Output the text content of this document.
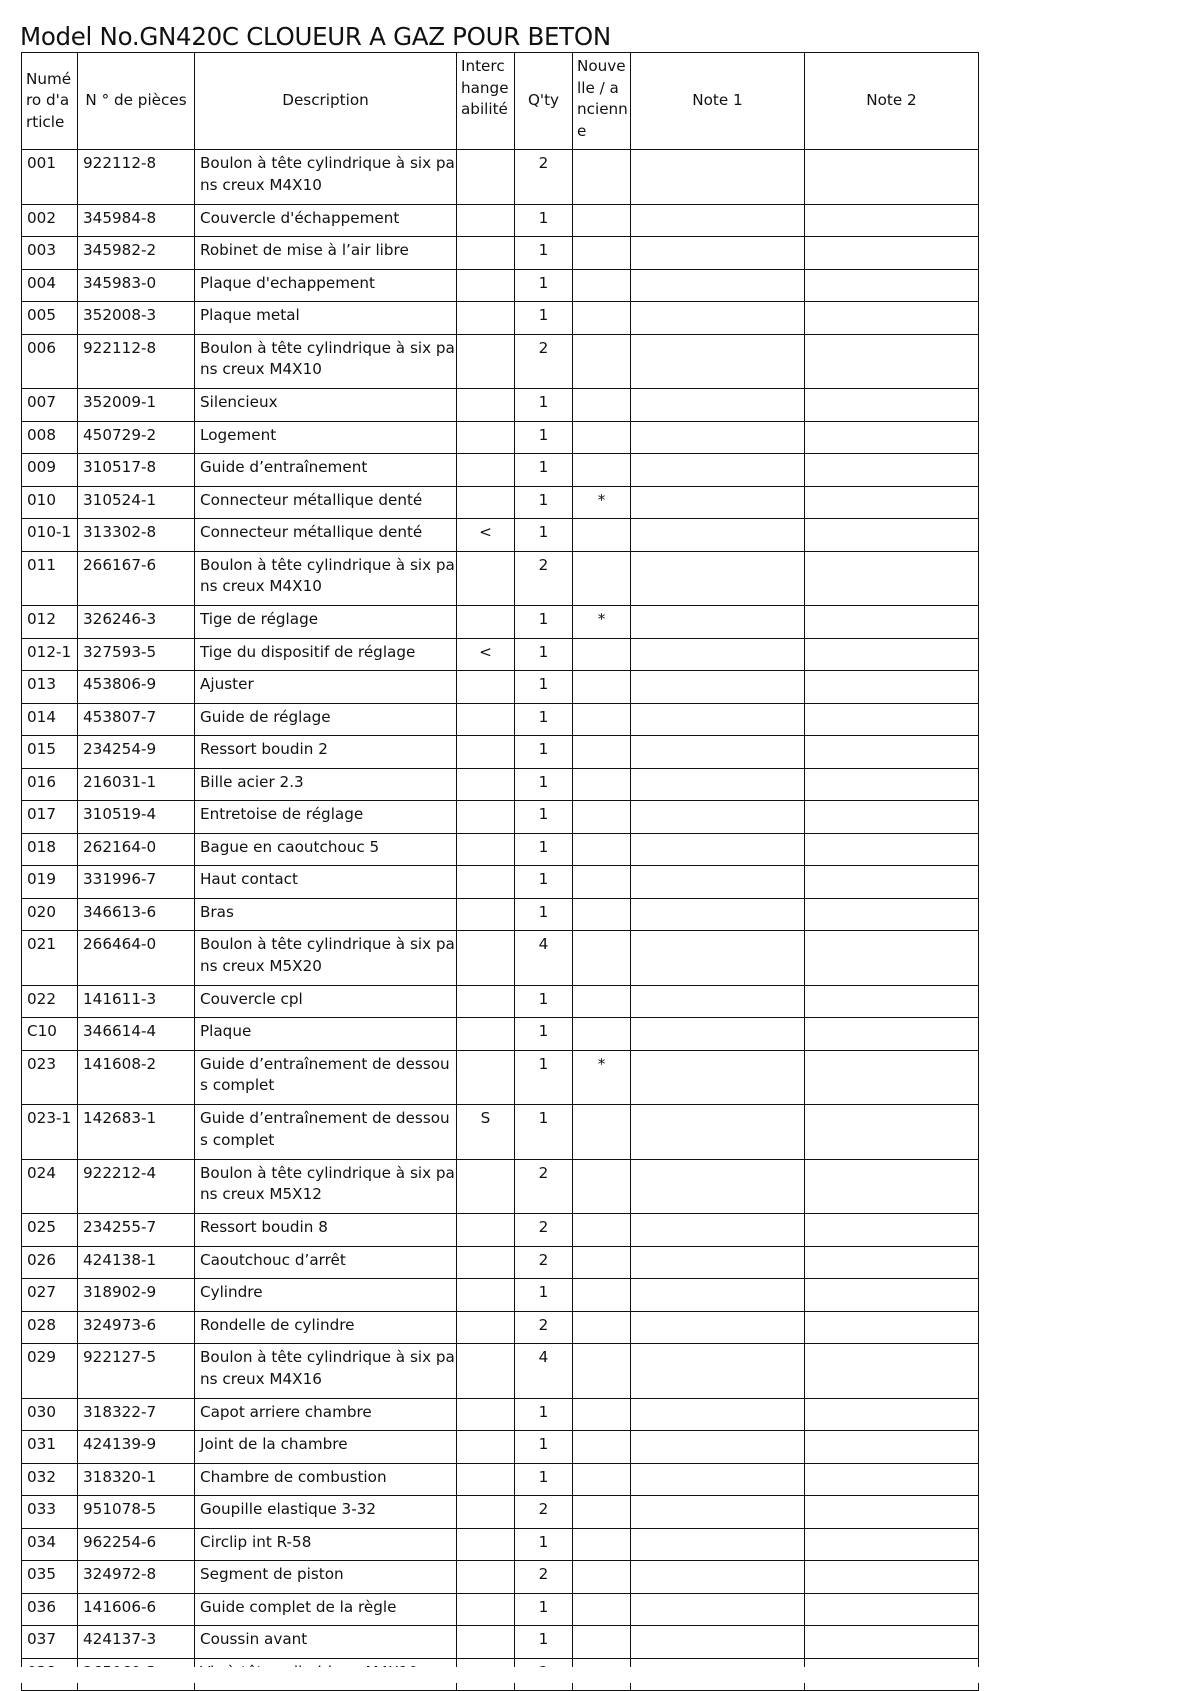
Model No.GN420C CLOUEUR A GAZ POUR BETON
Numéro d'article	N ° de pièces	Description	Interchangeabilité	Q'ty	Nouvelle / ancienne	Note 1	Note 2
001	922112-8	Boulon à tête cylindrique à six pans creux M4X10		2			
002	345984-8	Couvercle d'échappement		1			
003	345982-2	Robinet de mise à l’air libre		1			
004	345983-0	Plaque d'echappement		1			
005	352008-3	Plaque metal		1			
006	922112-8	Boulon à tête cylindrique à six pans creux M4X10		2			
007	352009-1	Silencieux		1			
008	450729-2	Logement		1			
009	310517-8	Guide d’entraînement		1			
010	310524-1	Connecteur métallique denté		1	*		
010-1	313302-8	Connecteur métallique denté	<	1			
011	266167-6	Boulon à tête cylindrique à six pans creux M4X10		2			
012	326246-3	Tige de réglage		1	*		
012-1	327593-5	Tige du dispositif de réglage	<	1			
013	453806-9	Ajuster		1			
014	453807-7	Guide de réglage		1			
015	234254-9	Ressort boudin 2		1			
016	216031-1	Bille acier 2.3		1			
017	310519-4	Entretoise de réglage		1			
018	262164-0	Bague en caoutchouc 5		1			
019	331996-7	Haut contact		1			
020	346613-6	Bras		1			
021	266464-0	Boulon à tête cylindrique à six pans creux M5X20		4			
022	141611-3	Couvercle cpl		1			
C10	346614-4	Plaque		1			
023	141608-2	Guide d’entraînement de dessous complet		1	*		
023-1	142683-1	Guide d’entraînement de dessous complet	S	1			
024	922212-4	Boulon à tête cylindrique à six pans creux M5X12		2			
025	234255-7	Ressort boudin 8		2			
026	424138-1	Caoutchouc d’arrêt		2			
027	318902-9	Cylindre		1			
028	324973-6	Rondelle de cylindre		2			
029	922127-5	Boulon à tête cylindrique à six pans creux M4X16		4			
030	318322-7	Capot arriere chambre		1			
031	424139-9	Joint de la chambre		1			
032	318320-1	Chambre de combustion		1			
033	951078-5	Goupille elastique 3-32		2			
034	962254-6	Circlip int R-58		1			
035	324972-8	Segment de piston		2			
036	141606-6	Guide complet de la règle		1			
037	424137-3	Coussin avant		1			
